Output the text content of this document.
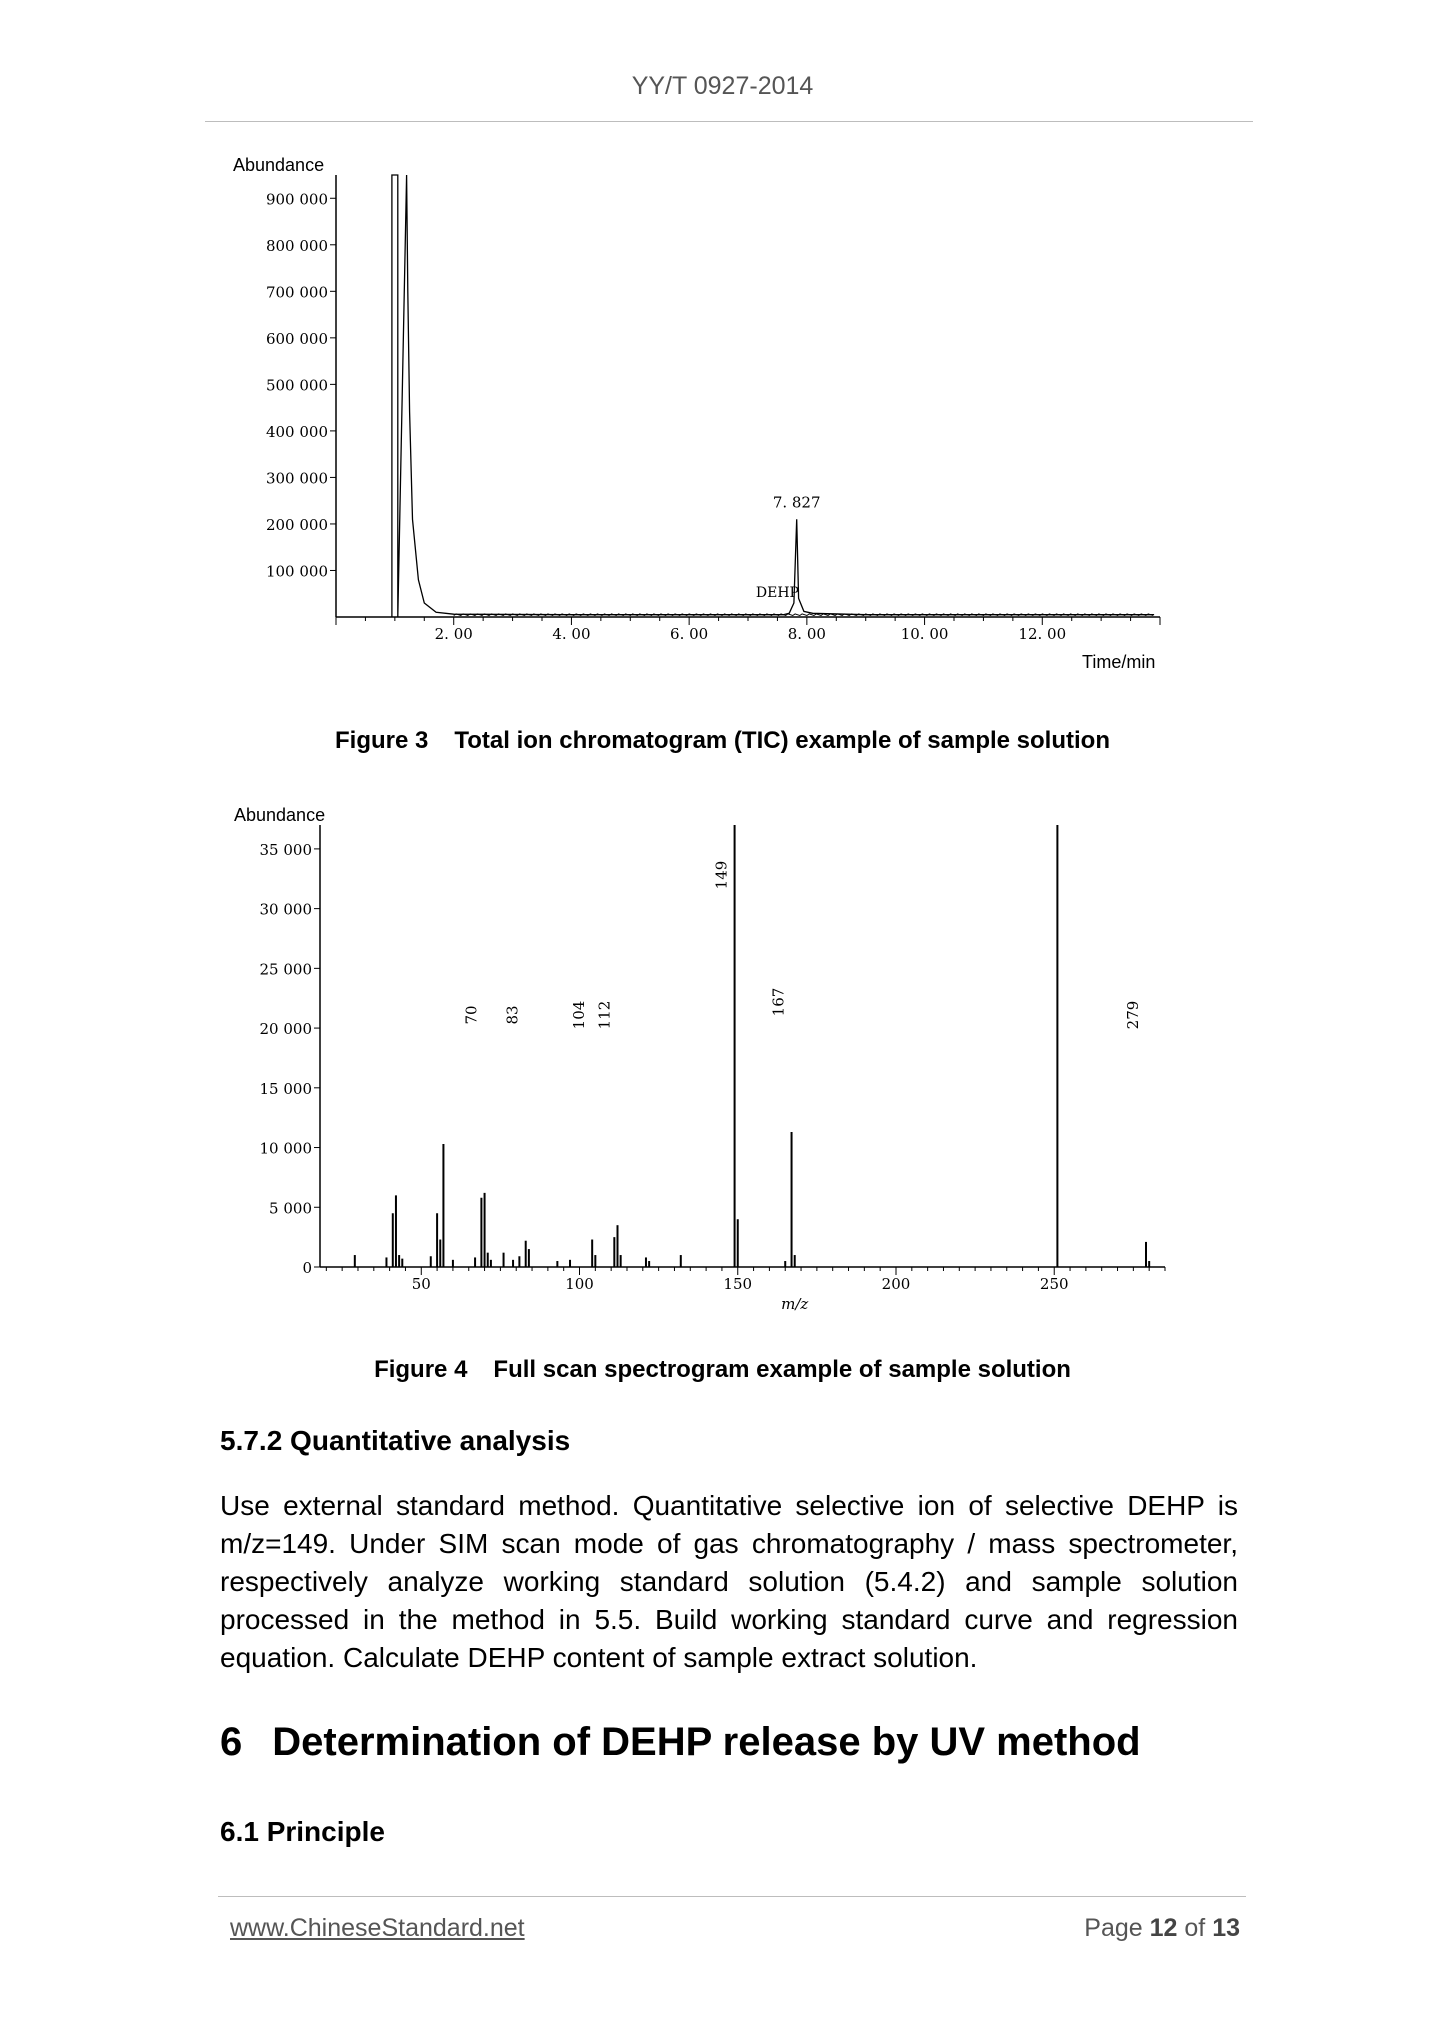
YY/T 0927-2014
Abundance
100 000
200 000
300 000
400 000
500 000
600 000
700 000
800 000
900 000
2. 00	4. 00	6. 00	8. 00	10. 00	12. 00
7. 827
DEHP
Time/min
Figure 3 Total ion chromatogram (TIC) example of sample solution
Abundance
0
5 000
10 000
15 000
20 000
25 000
30 000
35 000
50	100	150	200	250
m/z
70 83	104 112
149
167	279
Figure 4 Full scan spectrogram example of sample solution
5.7.2 Quantitative analysis
Use external standard method. Quantitative selective ion of selective DEHP is m/z=149. Under SIM scan mode of gas chromatography / mass spectrometer, respectively analyze working standard solution (5.4.2) and sample solution processed in the method in 5.5. Build working standard curve and regression equation. Calculate DEHP content of sample extract solution.
6 Determination of DEHP release by UV method
6.1 Principle
www.ChineseStandard.net	Page 12 of 13
